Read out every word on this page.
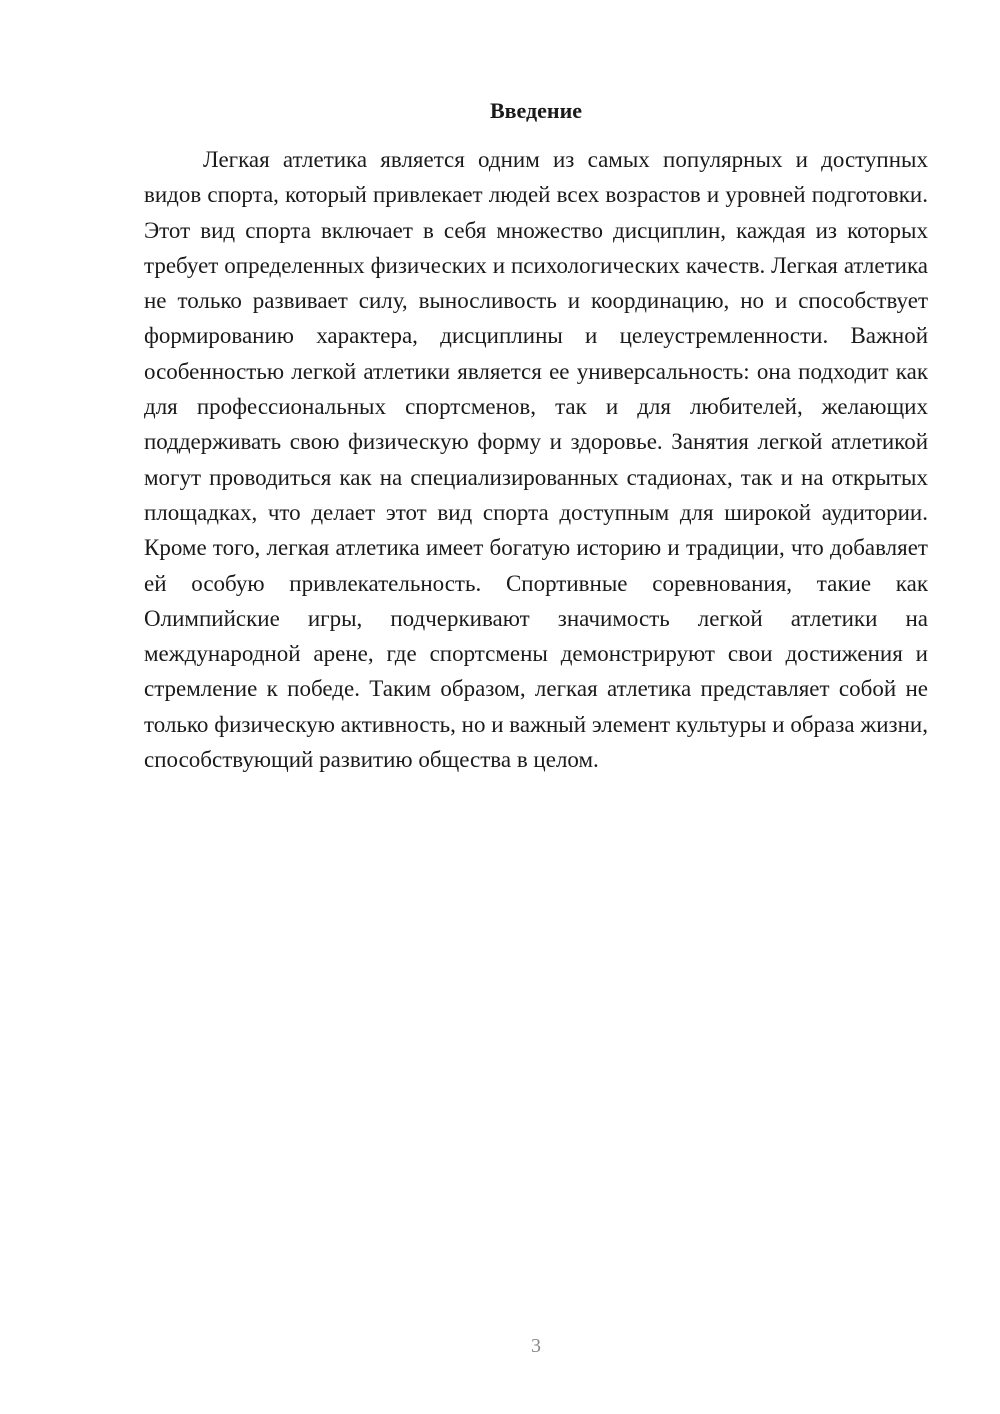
Введение

Легкая атлетика является одним из самых популярных и доступных видов спорта, который привлекает людей всех возрастов и уровней подготовки. Этот вид спорта включает в себя множество дисциплин, каждая из которых требует определенных физических и психологических качеств. Легкая атлетика не только развивает силу, выносливость и координацию, но и способствует формированию характера, дисциплины и целеустремленности. Важной особенностью легкой атлетики является ее универсальность: она подходит как для профессиональных спортсменов, так и для любителей, желающих поддерживать свою физическую форму и здоровье. Занятия легкой атлетикой могут проводиться как на специализированных стадионах, так и на открытых площадках, что делает этот вид спорта доступным для широкой аудитории. Кроме того, легкая атлетика имеет богатую историю и традиции, что добавляет ей особую привлекательность. Спортивные соревнования, такие как Олимпийские игры, подчеркивают значимость легкой атлетики на международной арене, где спортсмены демонстрируют свои достижения и стремление к победе. Таким образом, легкая атлетика представляет собой не только физическую активность, но и важный элемент культуры и образа жизни, способствующий развитию общества в целом.

3
